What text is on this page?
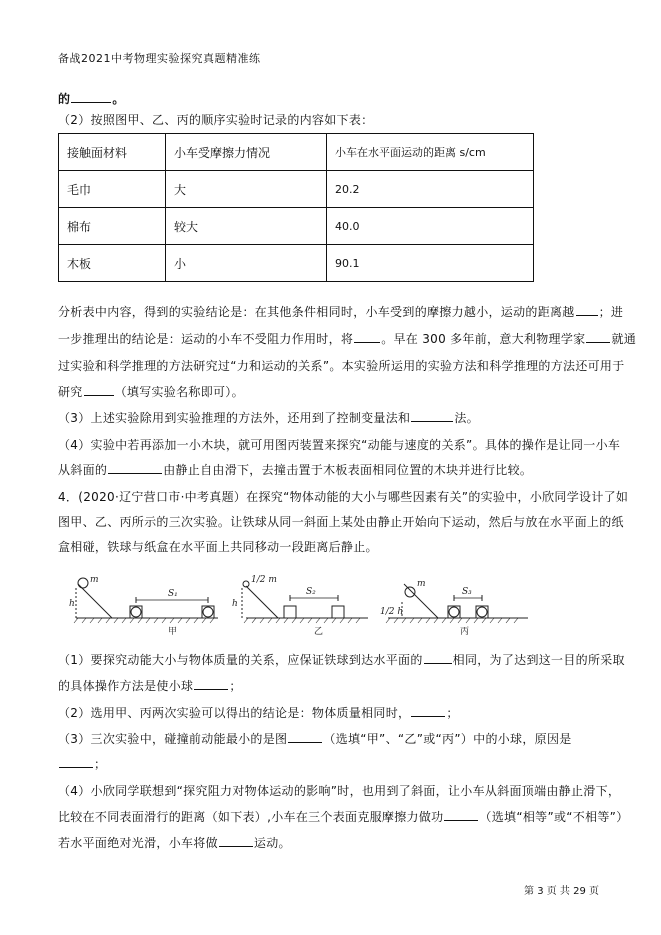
备战2021中考物理实验探究真题精准练
的	。
（2）按照图甲、乙、丙的顺序实验时记录的内容如下表：
接触面材料	小车受摩擦力情况	小车在水平面运动的距离 s/cm
毛巾	大	20.2
棉布	较大	40.0
木板	小	90.1
分析表中内容，得到的实验结论是：在其他条件相同时，小车受到的摩擦力越小，运动的距离越 ；进
一步推理出的结论是：运动的小车不受阻力作用时，将 。早在 300 多年前，意大利物理学家 就通
过实验和科学推理的方法研究过“力和运动的关系”。本实验所运用的实验方法和科学推理的方法还可用于
研究	（填写实验名称即可）。
（3）上述实验除用到实验推理的方法外，还用到了控制变量法和	法。
（4）实验中若再添加一小木块，就可用图丙装置来探究“动能与速度的关系”。具体的操作是让同一小车
从斜面的	由静止自由滑下，去撞击置于木板表面相同位置的木块并进行比较。
4．(2020·辽宁营口市·中考真题）在探究“物体动能的大小与哪些因素有关”的实验中，小欣同学设计了如
图甲、乙、丙所示的三次实验。让铁球从同一斜面上某处由静止开始向下运动，然后与放在水平面上的纸
盒相碰，铁球与纸盒在水平面上共同移动一段距离后静止。
m
h
S₁
甲
1/2 m
h
S₂
乙
m
1/2 h
S₃
丙
（1）要探究动能大小与物体质量的关系，应保证铁球到达水平面的	相同，为了达到这一目的所采取
的具体操作方法是使小球	；
（2）选用甲、丙两次实验可以得出的结论是：物体质量相同时，	；
（3）三次实验中，碰撞前动能最小的是图	（选填“甲”、“乙”或“丙”）中的小球，原因是
；
（4）小欣同学联想到“探究阻力对物体运动的影响”时，也用到了斜面，让小车从斜面顶端由静止滑下，
比较在不同表面滑行的距离（如下表）,小车在三个表面克服摩擦力做功	（选填“相等”或“不相等”）
若水平面绝对光滑，小车将做	运动。
第 3 页 共 29 页
